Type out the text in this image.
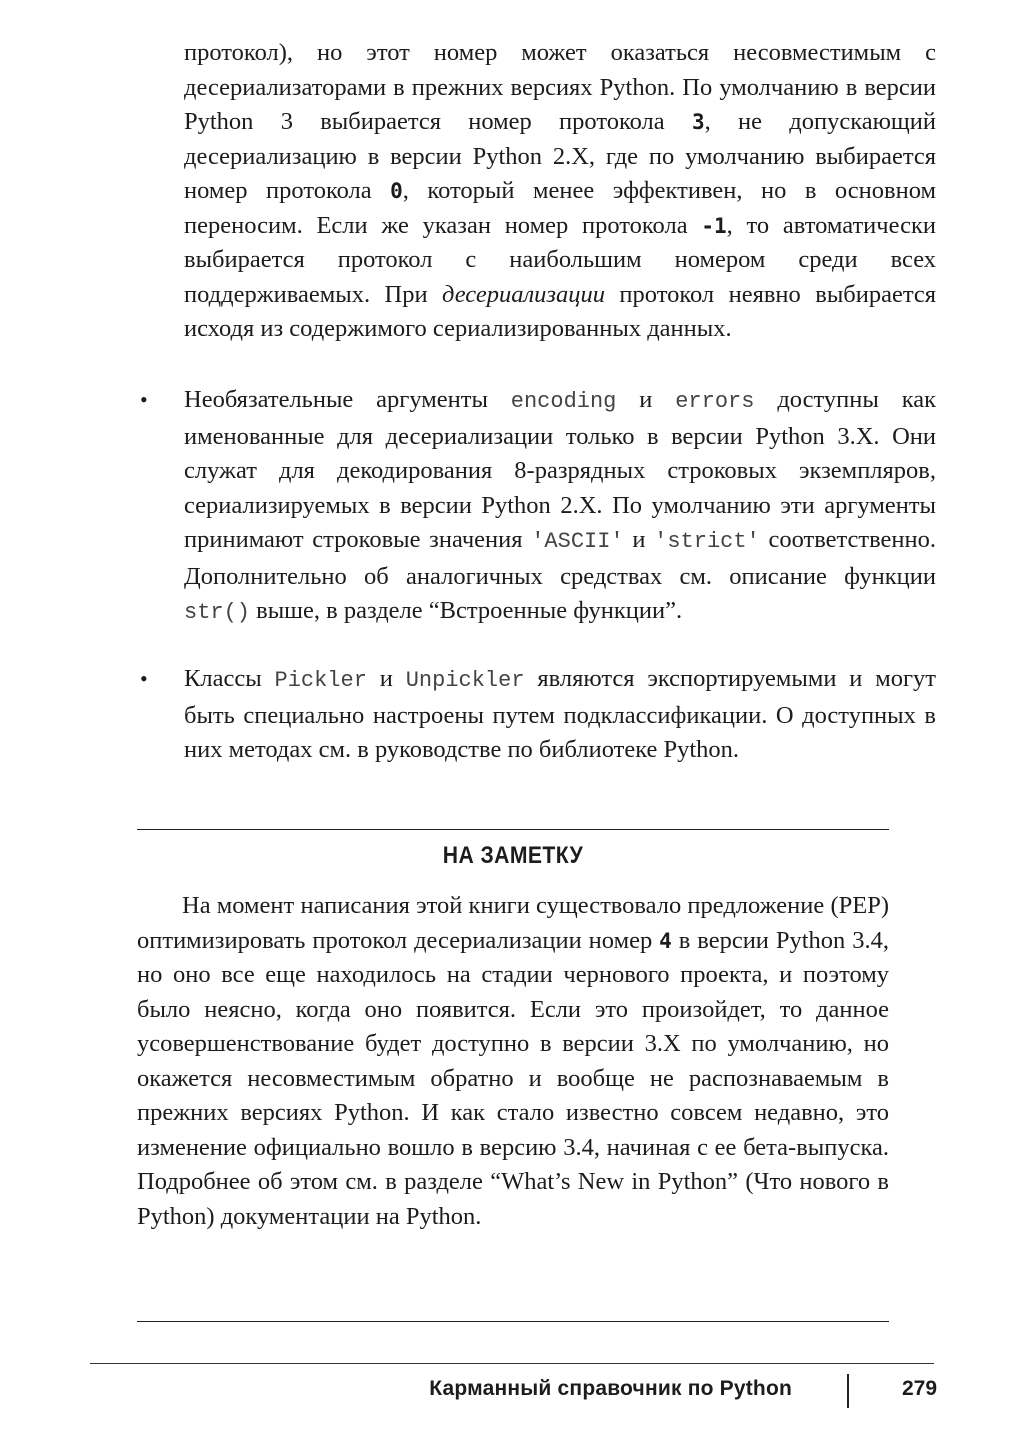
протокол), но этот номер может оказаться несовместимым с десериализаторами в прежних версиях Python. По умолчанию в версии Python 3 выбирается номер протокола 3, не допускающий десериализацию в версии Python 2.X, где по умолчанию выбирается номер протокола 0, который менее эффективен, но в основном переносим. Если же указан номер протокола -1, то автоматически выбирается протокол с наибольшим номером среди всех поддерживаемых. При десериализации протокол неявно выбирается исходя из содержимого сериализированных данных.

• Необязательные аргументы encoding и errors доступны как именованные для десериализации только в версии Python 3.X. Они служат для декодирования 8-разрядных строковых экземпляров, сериализируемых в версии Python 2.X. По умолчанию эти аргументы принимают строковые значения 'ASCII' и 'strict' соответственно. Дополнительно об аналогичных средствах см. описание функции str() выше, в разделе “Встроенные функции”.
• Классы Pickler и Unpickler являются экспортируемыми и могут быть специально настроены путем подклассификации. О доступных в них методах см. в руководстве по библиотеке Python.
НА ЗАМЕТКУ

На момент написания этой книги существовало предложение (PEP) оптимизировать протокол десериализации номер 4 в версии Python 3.4, но оно все еще находилось на стадии чернового проекта, и поэтому было неясно, когда оно появится. Если это произойдет, то данное усовершенствование будет доступно в версии 3.X по умолчанию, но окажется несовместимым обратно и вообще не распознаваемым в прежних версиях Python. И как стало известно совсем недавно, это изменение официально вошло в версию 3.4, начиная с ее бета-выпуска. Подробнее об этом см. в разделе “What’s New in Python” (Что нового в Python) документации на Python.

Карманный справочник по Python	279
